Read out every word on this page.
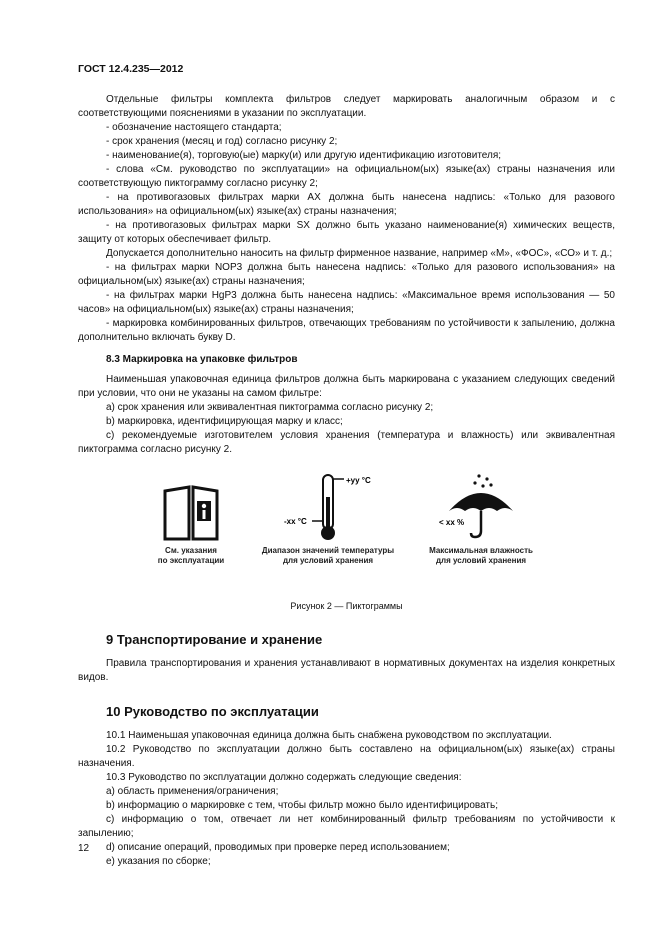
ГОСТ 12.4.235—2012

Отдельные фильтры комплекта фильтров следует маркировать аналогичным образом и с соответствующими пояснениями в указании по эксплуатации.

- обозначение настоящего стандарта;

- срок хранения (месяц и год) согласно рисунку 2;

- наименование(я), торговую(ые) марку(и) или другую идентификацию изготовителя;

- слова «См. руководство по эксплуатации» на официальном(ых) языке(ах) страны назначения или соответствующую пиктограмму согласно рисунку 2;

- на противогазовых фильтрах марки АХ должна быть нанесена надпись: «Только для разового использования» на официальном(ых) языке(ах) страны назначения;

- на противогазовых фильтрах марки SX должно быть указано наименование(я) химических веществ, защиту от которых обеспечивает фильтр.

Допускается дополнительно наносить на фильтр фирменное название, например «М», «ФОС», «СО» и т. д.;

- на фильтрах марки NOP3 должна быть нанесена надпись: «Только для разового использования» на официальном(ых) языке(ах) страны назначения;

- на фильтрах марки HgP3 должна быть нанесена надпись: «Максимальное время использования — 50 часов» на официальном(ых) языке(ах) страны назначения;

- маркировка комбинированных фильтров, отвечающих требованиям по устойчивости к запылению, должна дополнительно включать букву D.

8.3 Маркировка на упаковке фильтров

Наименьшая упаковочная единица фильтров должна быть маркирована с указанием следующих сведений при условии, что они не указаны на самом фильтре:

а) срок хранения или эквивалентная пиктограмма согласно рисунку 2;

b) маркировка, идентифицирующая марку и класс;

с) рекомендуемые изготовителем условия хранения (температура и влажность) или эквивалентная пиктограмма согласно рисунку 2.

См. указания
по эксплуатации
+уу °С
-хх °С
Диапазон значений температуры
для условий хранения
< хх %
Максимальная влажность
для условий хранения

Рисунок 2 — Пиктограммы

9 Транспортирование и хранение

Правила транспортирования и хранения устанавливают в нормативных документах на изделия конкретных видов.

10 Руководство по эксплуатации

10.1 Наименьшая упаковочная единица должна быть снабжена руководством по эксплуатации.

10.2 Руководство по эксплуатации должно быть составлено на официальном(ых) языке(ах) страны назначения.

10.3 Руководство по эксплуатации должно содержать следующие сведения:

а) область применения/ограничения;

b) информацию о маркировке с тем, чтобы фильтр можно было идентифицировать;

с) информацию о том, отвечает ли нет комбинированный фильтр требованиям по устойчивости к запылению;

d) описание операций, проводимых при проверке перед использованием;

е) указания по сборке;

12
